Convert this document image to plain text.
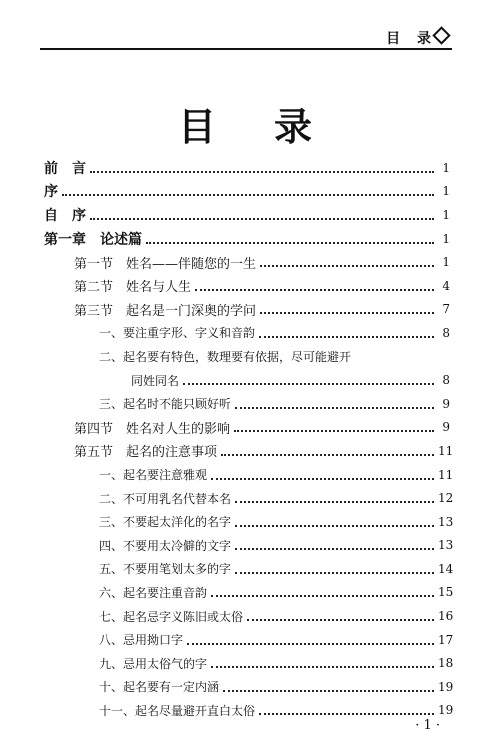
目 录
目录
前　言	1
序	1
自　序	1
第一章　论述篇	1
第一节　姓名——伴随您的一生	1
第二节　姓名与人生	4
第三节　起名是一门深奥的学问	7
一、要注重字形、字义和音韵	8
二、起名要有特色，数理要有依据，尽可能避开
同姓同名	8
三、起名时不能只顾好听	9
第四节　姓名对人生的影响	9
第五节　起名的注意事项	11
一、起名要注意雅观	11
二、不可用乳名代替本名	12
三、不要起太洋化的名字	13
四、不要用太冷僻的文字	13
五、不要用笔划太多的字	14
六、起名要注重音韵	15
七、起名忌字义陈旧或太俗	16
八、忌用拗口字	17
九、忌用太俗气的字	18
十、起名要有一定内涵	19
十一、起名尽量避开直白太俗	19
· 1 ·
